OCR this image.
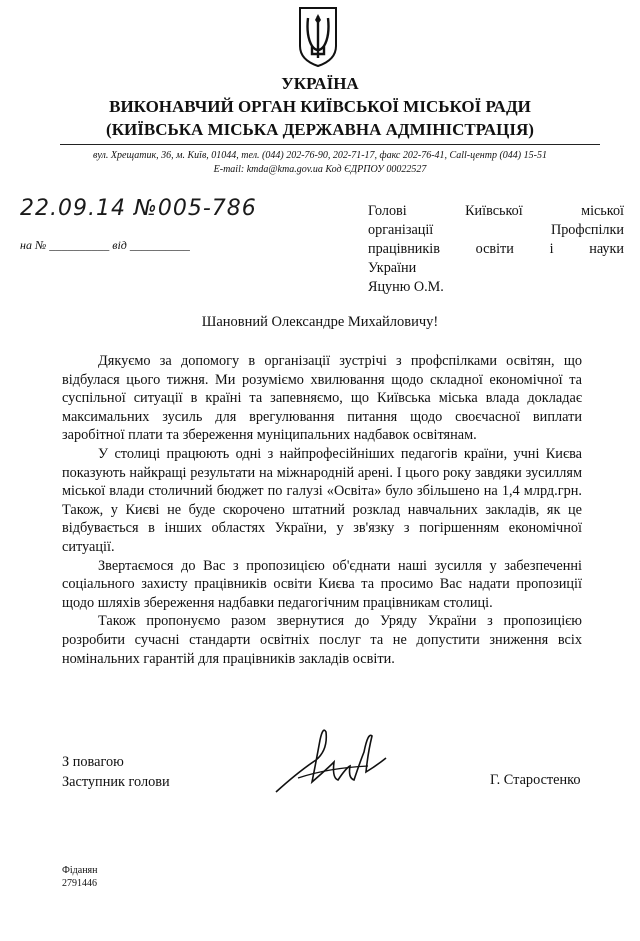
УКРАЇНА
ВИКОНАВЧИЙ ОРГАН КИЇВСЬКОЇ МІСЬКОЇ РАДИ
(КИЇВСЬКА МІСЬКА ДЕРЖАВНА АДМІНІСТРАЦІЯ)
вул. Хрещатик, 36, м. Київ, 01044, тел. (044) 202-76-90, 202-71-17, факс 202-76-41, Call-центр (044) 15-51
E-mail: kmda@kma.gov.ua Код ЄДРПОУ 00022527
22.09.14 №005-786
на № __________ від __________
Голові Київської міської
організації Профспілки
працівників освіти і науки
України
Яцуню О.М.
Шановний Олександре Михайловичу!

Дякуємо за допомогу в організації зустрічі з профспілками освітян, що відбулася цього тижня. Ми розуміємо хвилювання щодо складної економічної та суспільної ситуації в країні та запевняємо, що Київська міська влада докладає максимальних зусиль для врегулювання питання щодо своєчасної виплати заробітної плати та збереження муніципальних надбавок освітянам.

У столиці працюють одні з найпрофесійніших педагогів країни, учні Києва показують найкращі результати на міжнародній арені. І цього року завдяки зусиллям міської влади столичний бюджет по галузі «Освіта» було збільшено на 1,4 млрд.грн. Також, у Києві не буде скорочено штатний розклад навчальних закладів, як це відбувається в інших областях України, у зв'язку з погіршенням економічної ситуації.

Звертаємося до Вас з пропозицією об'єднати наші зусилля у забезпеченні соціального захисту працівників освіти Києва та просимо Вас надати пропозиції щодо шляхів збереження надбавки педагогічним працівникам столиці.

Також пропонуємо разом звернутися до Уряду України з пропозицією розробити сучасні стандарти освітніх послуг та не допустити зниження всіх номінальних гарантій для працівників закладів освіти.

З повагою
Заступник голови	Г. Старостенко
Фіданян
2791446
